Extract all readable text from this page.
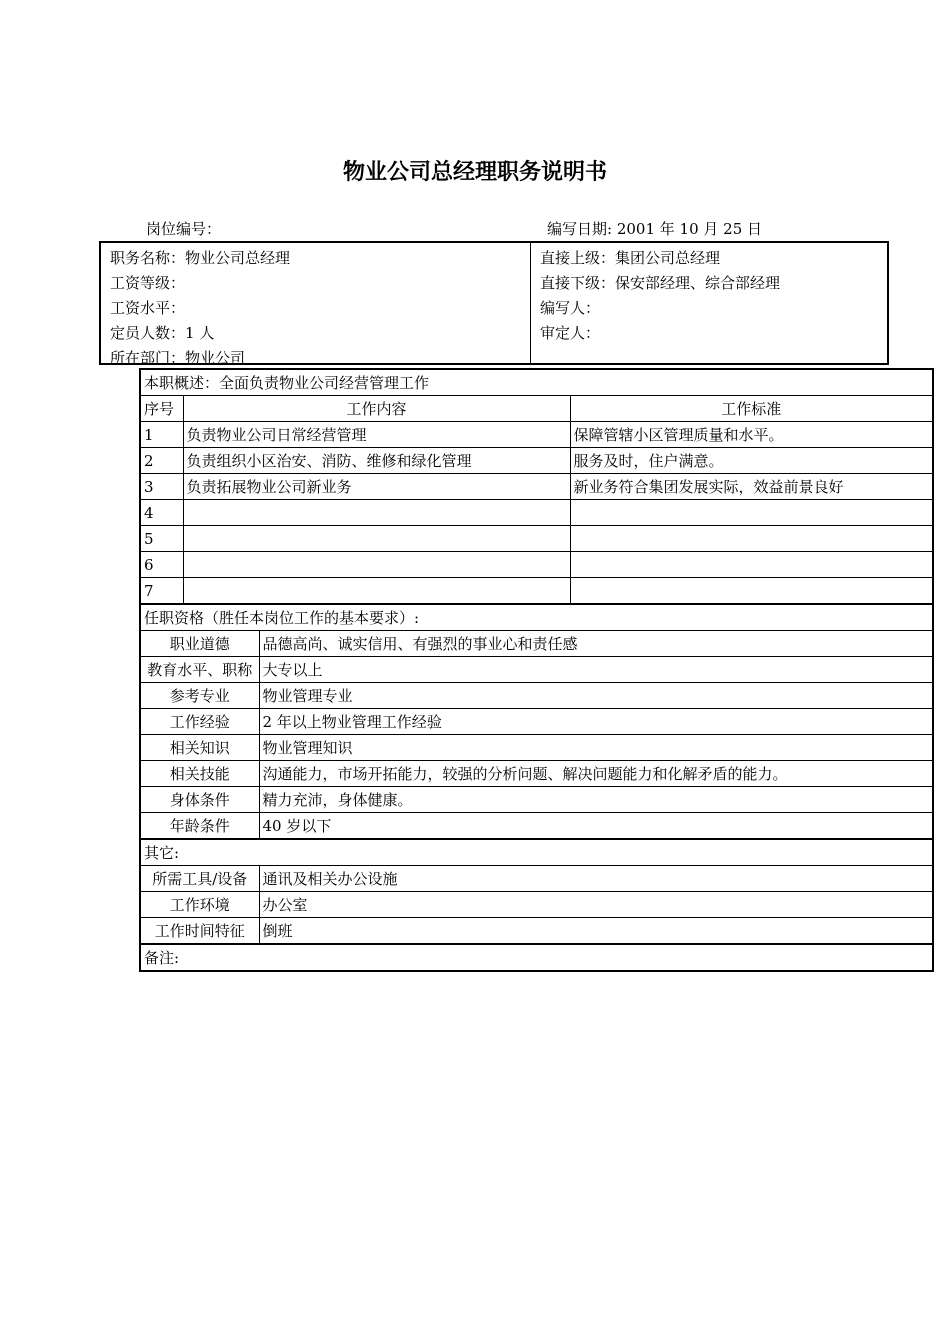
物业公司总经理职务说明书
岗位编号：	编写日期: 2001 年 10 月 25 日
职务名称：物业公司总经理
工资等级：
工资水平：
定员人数：1 人
所在部门：物业公司
直接上级：集团公司总经理
直接下级：保安部经理、综合部经理
编写人：
审定人：
本职概述：全面负责物业公司经营管理工作			
序号	工作内容		工作标准
1	负责物业公司日常经营管理		保障管辖小区管理质量和水平。
2	负责组织小区治安、消防、维修和绿化管理		服务及时，住户满意。
3	负责拓展物业公司新业务		新业务符合集团发展实际，效益前景良好
4			
5			
6			
7			
任职资格（胜任本岗位工作的基本要求）:			
职业道德		品德高尚、诚实信用、有强烈的事业心和责任感	
教育水平、职称		大专以上	
参考专业		物业管理专业	
工作经验		2 年以上物业管理工作经验	
相关知识		物业管理知识	
相关技能		沟通能力，市场开拓能力，较强的分析问题、解决问题能力和化解矛盾的能力。	
身体条件		精力充沛，身体健康。	
年龄条件		40 岁以下	
其它:			
所需工具/设备		通讯及相关办公设施	
工作环境		办公室	
工作时间特征		倒班	
备注:			
